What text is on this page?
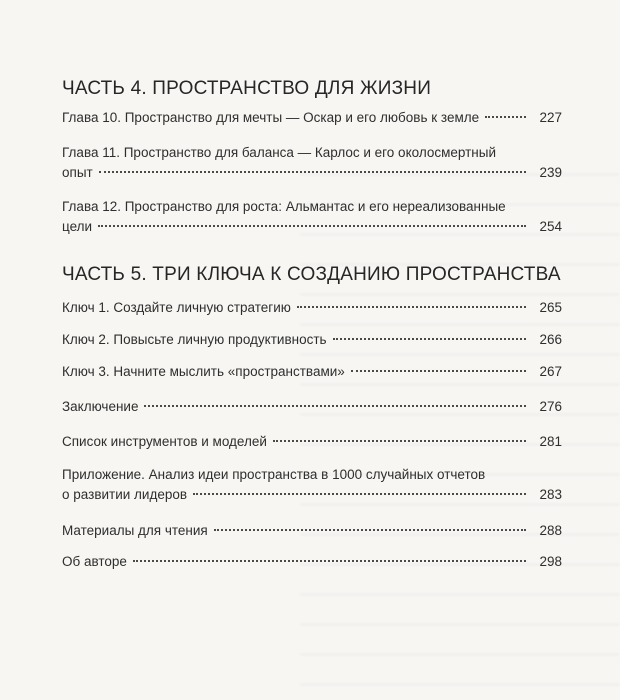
ЧАСТЬ 4. ПРОСТРАНСТВО ДЛЯ ЖИЗНИ
Глава 10. Пространство для мечты — Оскар и его любовь к земле	227
Глава 11. Пространство для баланса — Карлос и его околосмертный
опыт	239
Глава 12. Пространство для роста: Альмантас и его нереализованные
цели	254
ЧАСТЬ 5. ТРИ КЛЮЧА К СОЗДАНИЮ ПРОСТРАНСТВА
Ключ 1. Создайте личную стратегию	265
Ключ 2. Повысьте личную продуктивность	266
Ключ 3. Начните мыслить «пространствами»	267
Заключение	276
Список инструментов и моделей	281
Приложение. Анализ идеи пространства в 1000 случайных отчетов
о развитии лидеров	283
Материалы для чтения	288
Об авторе	298
